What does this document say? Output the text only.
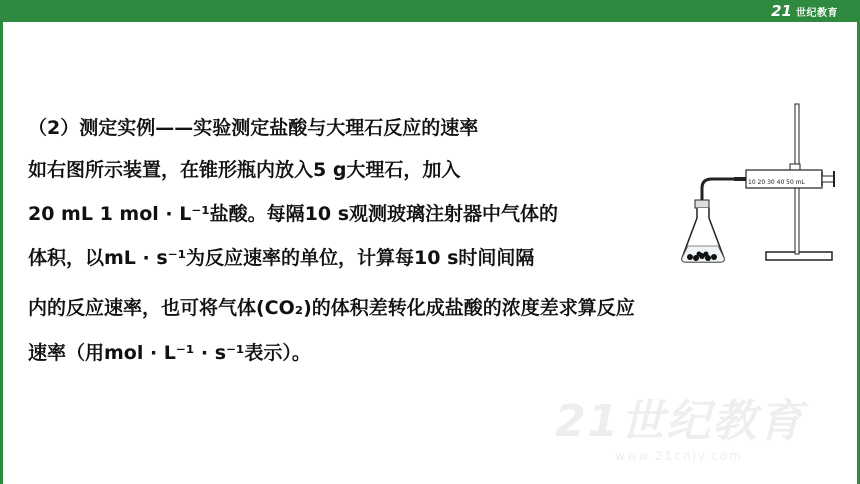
21 世纪教育
（2）测定实例——实验测定盐酸与大理石反应的速率
如右图所示装置，在锥形瓶内放入5 g大理石，加入
20 mL 1 mol · L⁻¹盐酸。每隔10 s观测玻璃注射器中气体的
体积，以mL · s⁻¹为反应速率的单位，计算每10 s时间间隔
内的反应速率，也可将气体(CO₂)的体积差转化成盐酸的浓度差求算反应
速率（用mol · L⁻¹ · s⁻¹表示）。
10 20 30 40 50 mL
21世纪教育
www.21cnjy.com
